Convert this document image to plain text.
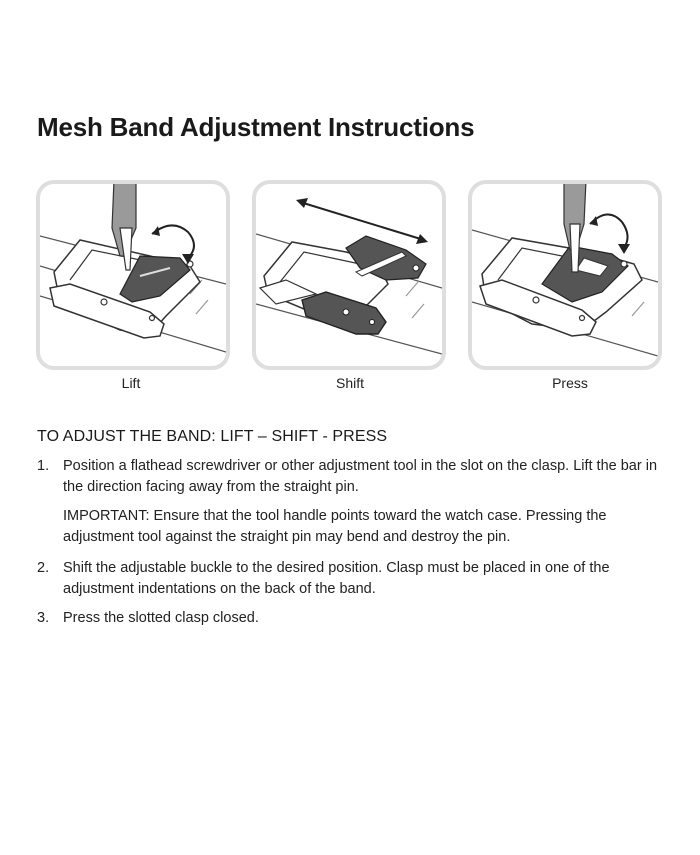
Mesh Band Adjustment Instructions
Lift	Shift	Press
TO ADJUST THE BAND: LIFT – SHIFT - PRESS
1. Position a flathead screwdriver or other adjustment tool in the slot on the clasp. Lift the bar in the direction facing away from the straight pin.
IMPORTANT: Ensure that the tool handle points toward the watch case. Pressing the adjustment tool against the straight pin may bend and destroy the pin.
2. Shift the adjustable buckle to the desired position. Clasp must be placed in one of the adjustment indentations on the back of the band.
3. Press the slotted clasp closed.
